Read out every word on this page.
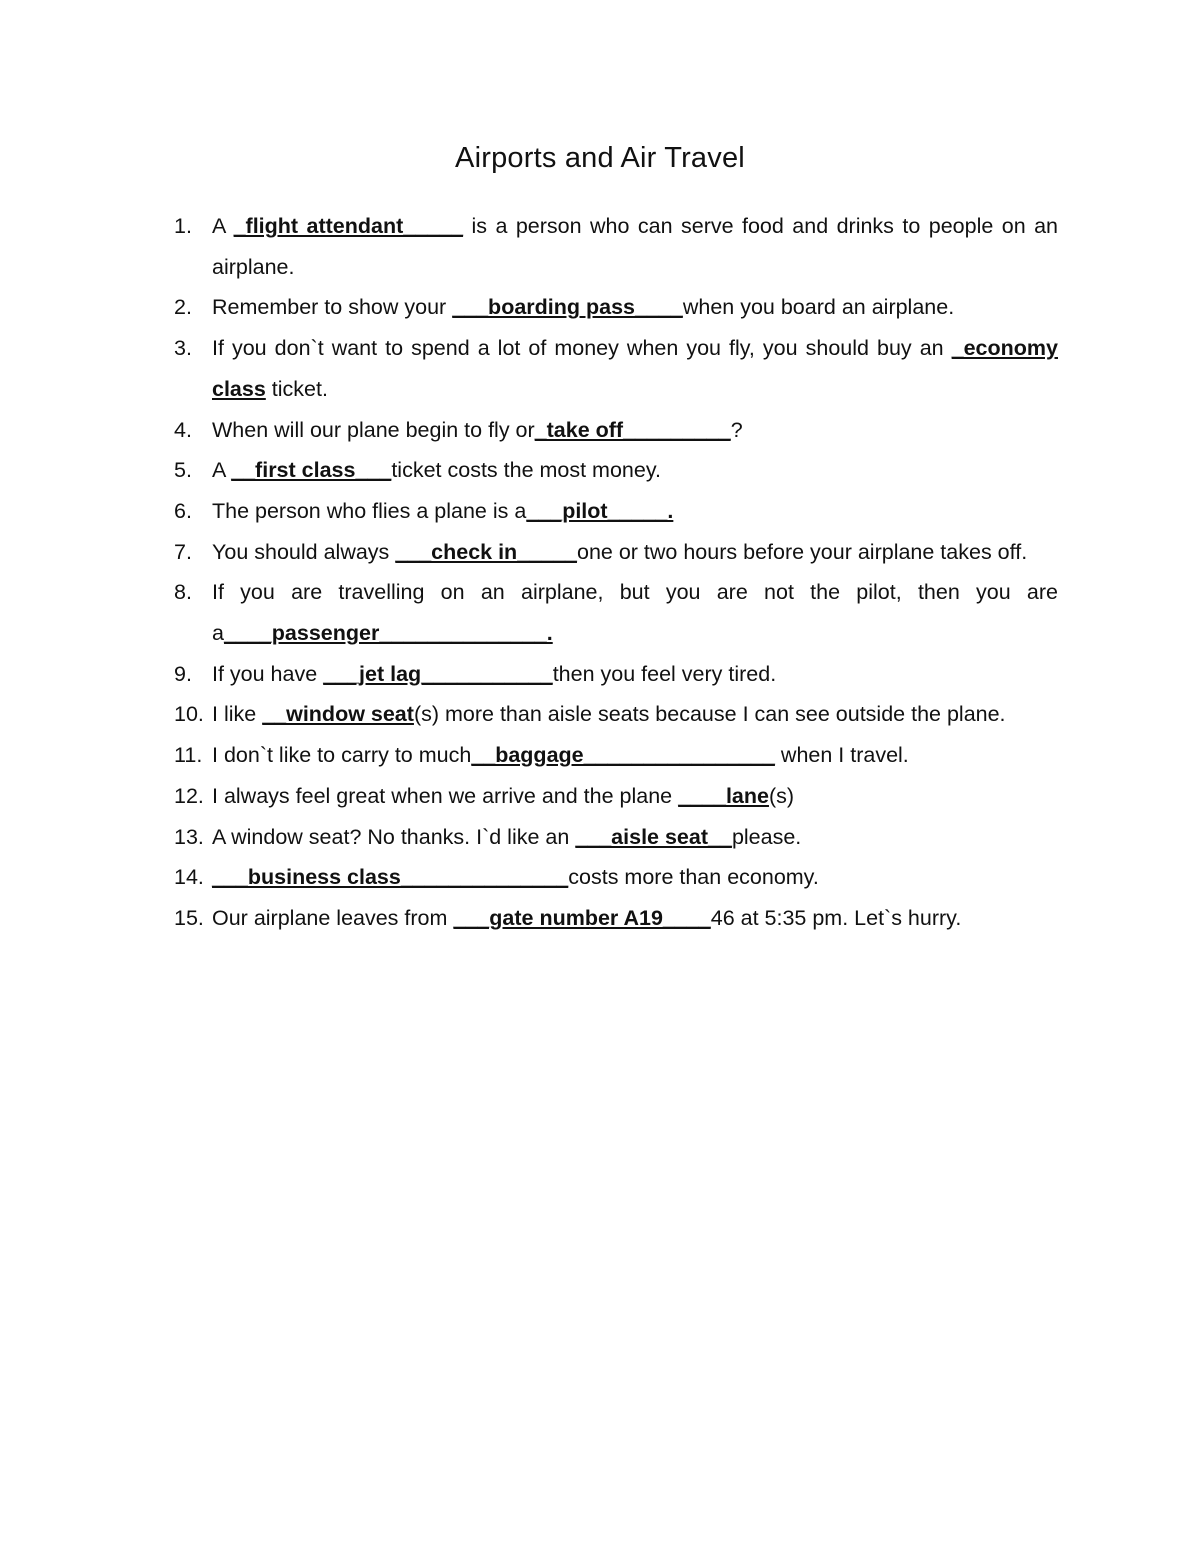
Airports and Air Travel
1. A _flight attendant_____ is a person who can serve food and drinks to people on an airplane.
2. Remember to show your ___boarding pass____when you board an airplane.
3. If you don`t want to spend a lot of money when you fly, you should buy an _economy class ticket.
4. When will our plane begin to fly or_take off_________?
5. A __first class___ticket costs the most money.
6. The person who flies a plane is a___pilot_____.
7. You should always ___check in_____one or two hours before your airplane takes off.
8. If you are travelling on an airplane, but you are not the pilot, then you are a____passenger______________.
9. If you have ___jet lag___________then you feel very tired.
10. I like __window seat(s) more than aisle seats because I can see outside the plane.
11. I don`t like to carry to much__baggage________________ when I travel.
12. I always feel great when we arrive and the plane ____lane(s)
13. A window seat? No thanks. I`d like an ___aisle seat__please.
14. ___business class______________costs more than economy.
15. Our airplane leaves from ___gate number A19____46 at 5:35 pm. Let`s hurry.
